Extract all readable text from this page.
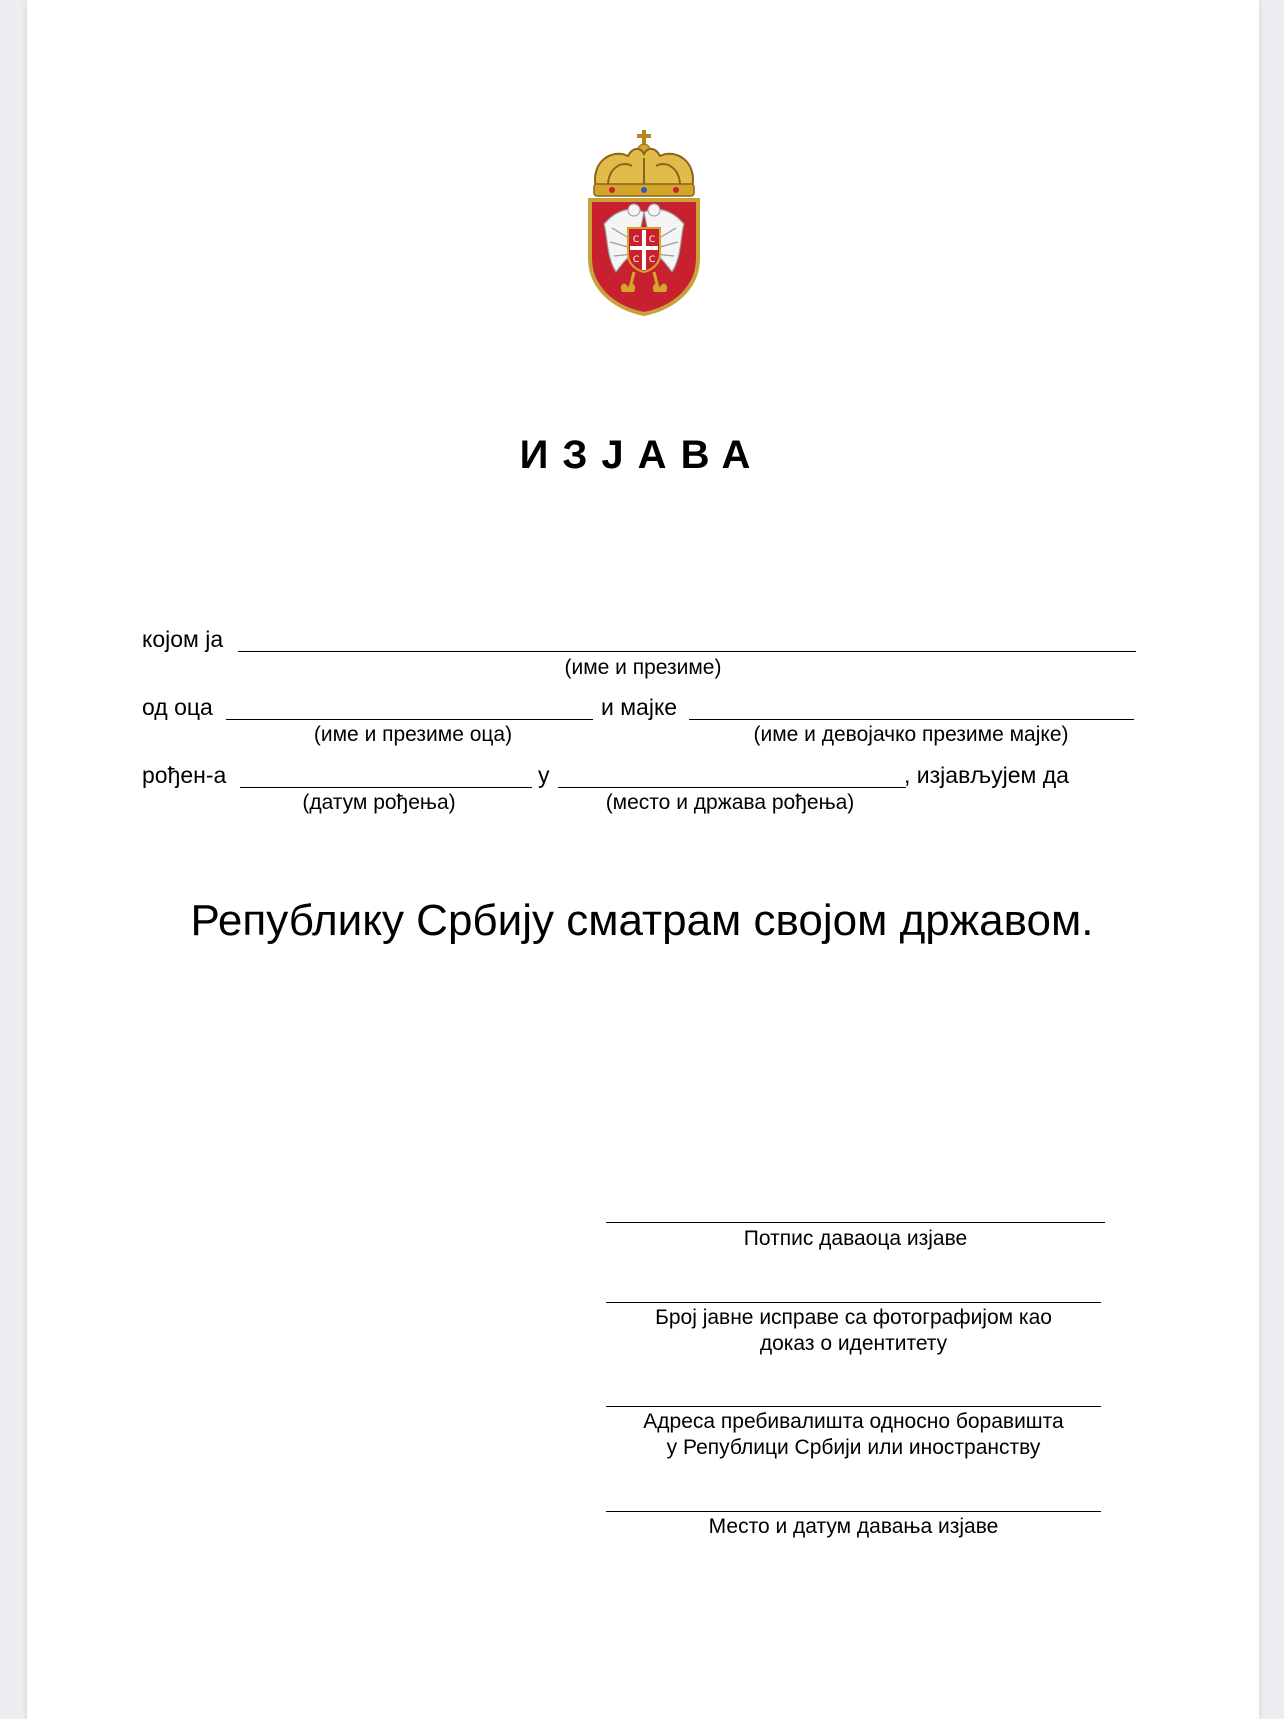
С С
С С
ИЗЈАВА
којом ја
(име и презиме)
од оца	и мајке
(име и презиме оца)	(име и девојачко презиме мајке)
рођен-а	у	, изјављујем да
(датум рођења)	(место и држава рођења)
Републику Србију сматрам својом државом.
Потпис даваоца изјаве
Број јавне исправе са фотографијом као
доказ о идентитету
Адреса пребивалишта односно боравишта
у Републици Србији или иностранству
Место и датум давања изјаве
